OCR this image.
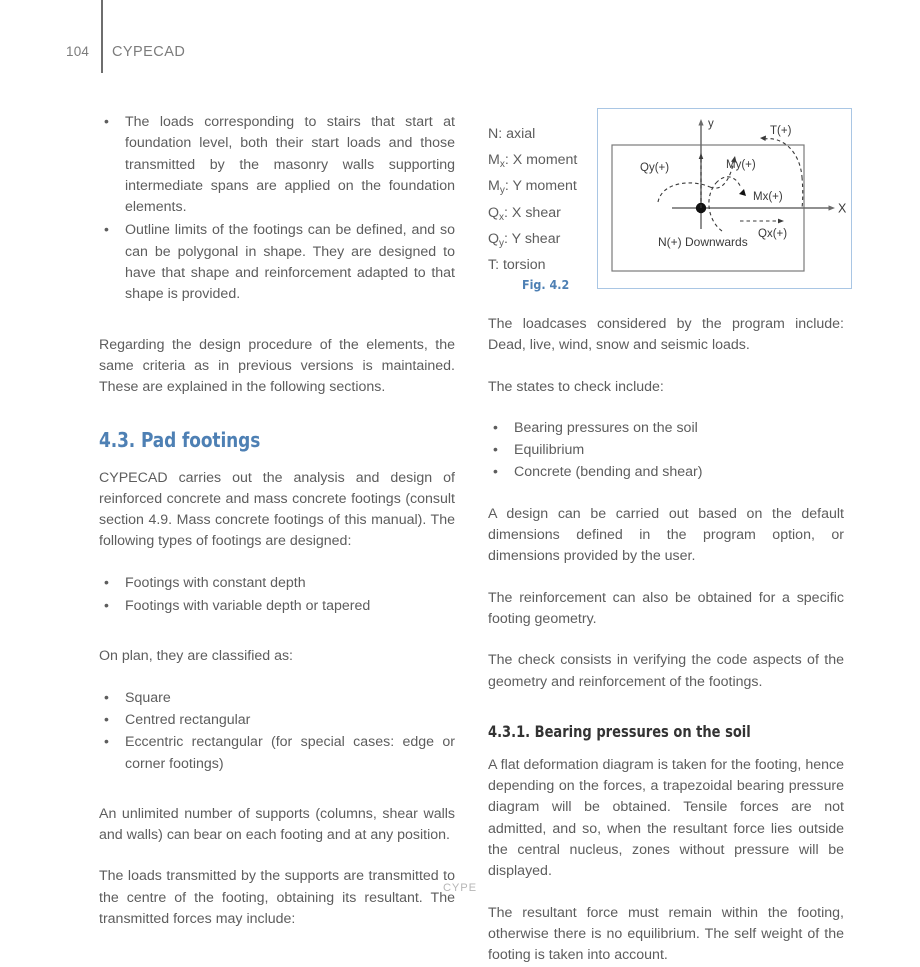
104 CYPECAD
• The loads corresponding to stairs that start at foundation level, both their start loads and those transmitted by the masonry walls supporting intermediate spans are applied on the foundation elements.
• Outline limits of the footings can be defined, and so can be polygonal in shape. They are designed to have that shape and reinforcement adapted to that shape is provided.

Regarding the design procedure of the elements, the same criteria as in previous versions is maintained. These are explained in the following sections.

4.3. Pad footings

CYPECAD carries out the analysis and design of reinforced concrete and mass concrete footings (consult section 4.9. Mass concrete footings of this manual). The following types of footings are designed:

• Footings with constant depth
• Footings with variable depth or tapered

On plan, they are classified as:

• Square
• Centred rectangular
• Eccentric rectangular (for special cases: edge or corner footings)

An unlimited number of supports (columns, shear walls and walls) can bear on each footing and at any position.

The loads transmitted by the supports are transmitted to the centre of the footing, obtaining its resultant. The transmitted forces may include:

N: axial
$M_x$: X moment
$M_y$: Y moment
$Q_x$: X shear
$Q_y$: Y shear
T: torsion
Fig. 4.2
y
X
Qy(+)	My(+)
Mx(+)
T(+)
Qx(+)
N(+) Downwards

The loadcases considered by the program include: Dead, live, wind, snow and seismic loads.

The states to check include:

• Bearing pressures on the soil
• Equilibrium
• Concrete (bending and shear)

A design can be carried out based on the default dimensions defined in the program option, or dimensions provided by the user.

The reinforcement can also be obtained for a specific footing geometry.

The check consists in verifying the code aspects of the geometry and reinforcement of the footings.

4.3.1. Bearing pressures on the soil

A flat deformation diagram is taken for the footing, hence depending on the forces, a trapezoidal bearing pressure diagram will be obtained. Tensile forces are not admitted, and so, when the resultant force lies outside the central nucleus, zones without pressure will be displayed.

The resultant force must remain within the footing, otherwise there is no equilibrium. The self weight of the footing is taken into account.

CYPE
